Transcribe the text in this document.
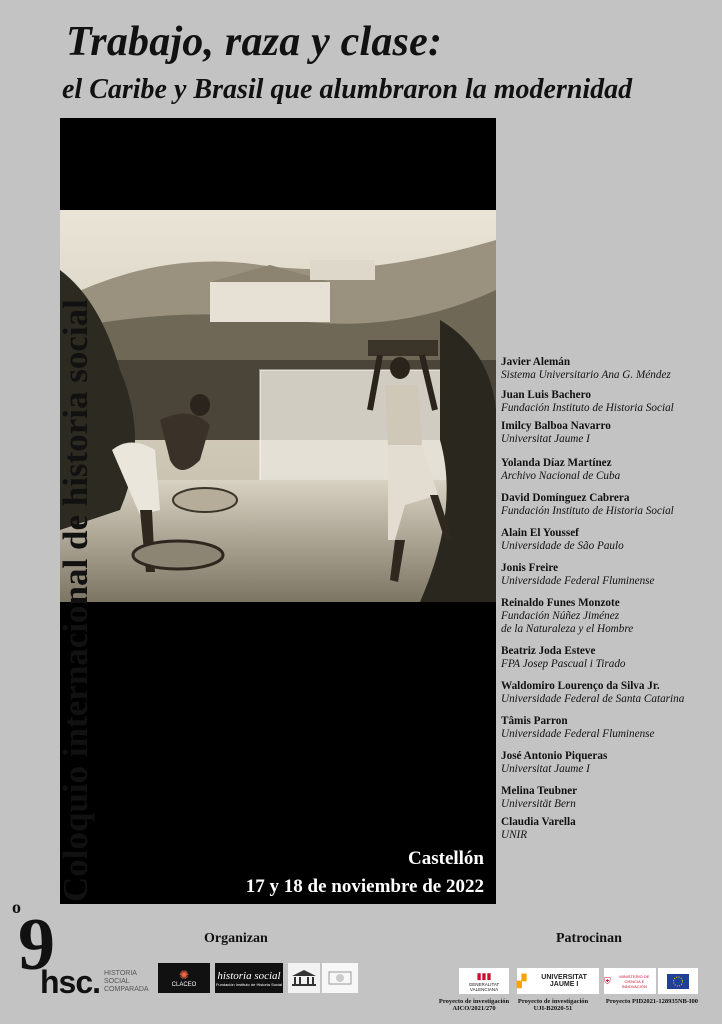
Trabajo, raza y clase:
el Caribe y Brasil que alumbraron la modernidad
o
9
Coloquio internacional de historia social	Castellón
17 y 18 de noviembre de 2022
Javier Alemán
Sistema Universitario Ana G. Méndez
Juan Luis Bachero
Fundación Instituto de Historia Social
Imilcy Balboa Navarro
Universitat Jaume I
Yolanda Díaz Martínez
Archivo Nacional de Cuba
David Domínguez Cabrera
Fundación Instituto de Historia Social
Alain El Youssef
Universidade de São Paulo
Jonis Freire
Universidade Federal Fluminense
Reinaldo Funes Monzote
Fundación Núñez Jiménez
de la Naturaleza y el Hombre
Beatriz Joda Esteve
FPA Josep Pascual i Tirado
Waldomiro Lourenço da Silva Jr.
Universidade Federal de Santa Catarina
Tâmis Parron
Universidade Federal Fluminense
José Antonio Piqueras
Universitat Jaume I
Melina Teubner
Universität Bern
Claudia Varella
UNIR
Organizan	Patrocinan
hsc. HISTORIA
SOCIAL
COMPARADA
✺
CLACEO
historia social
Fundación Instituto de Historia Social
▮▮▮
GENERALITAT VALENCIANA
▞	UNIVERSITAT JAUME I	⛨	MINISTERIO DE CIENCIA E INNOVACIÓN
Proyecto de investigación
AICO/2021/270
Proyecto de investigación
UJI-B2020-51
Proyecto PID2021-128935NB-I00
